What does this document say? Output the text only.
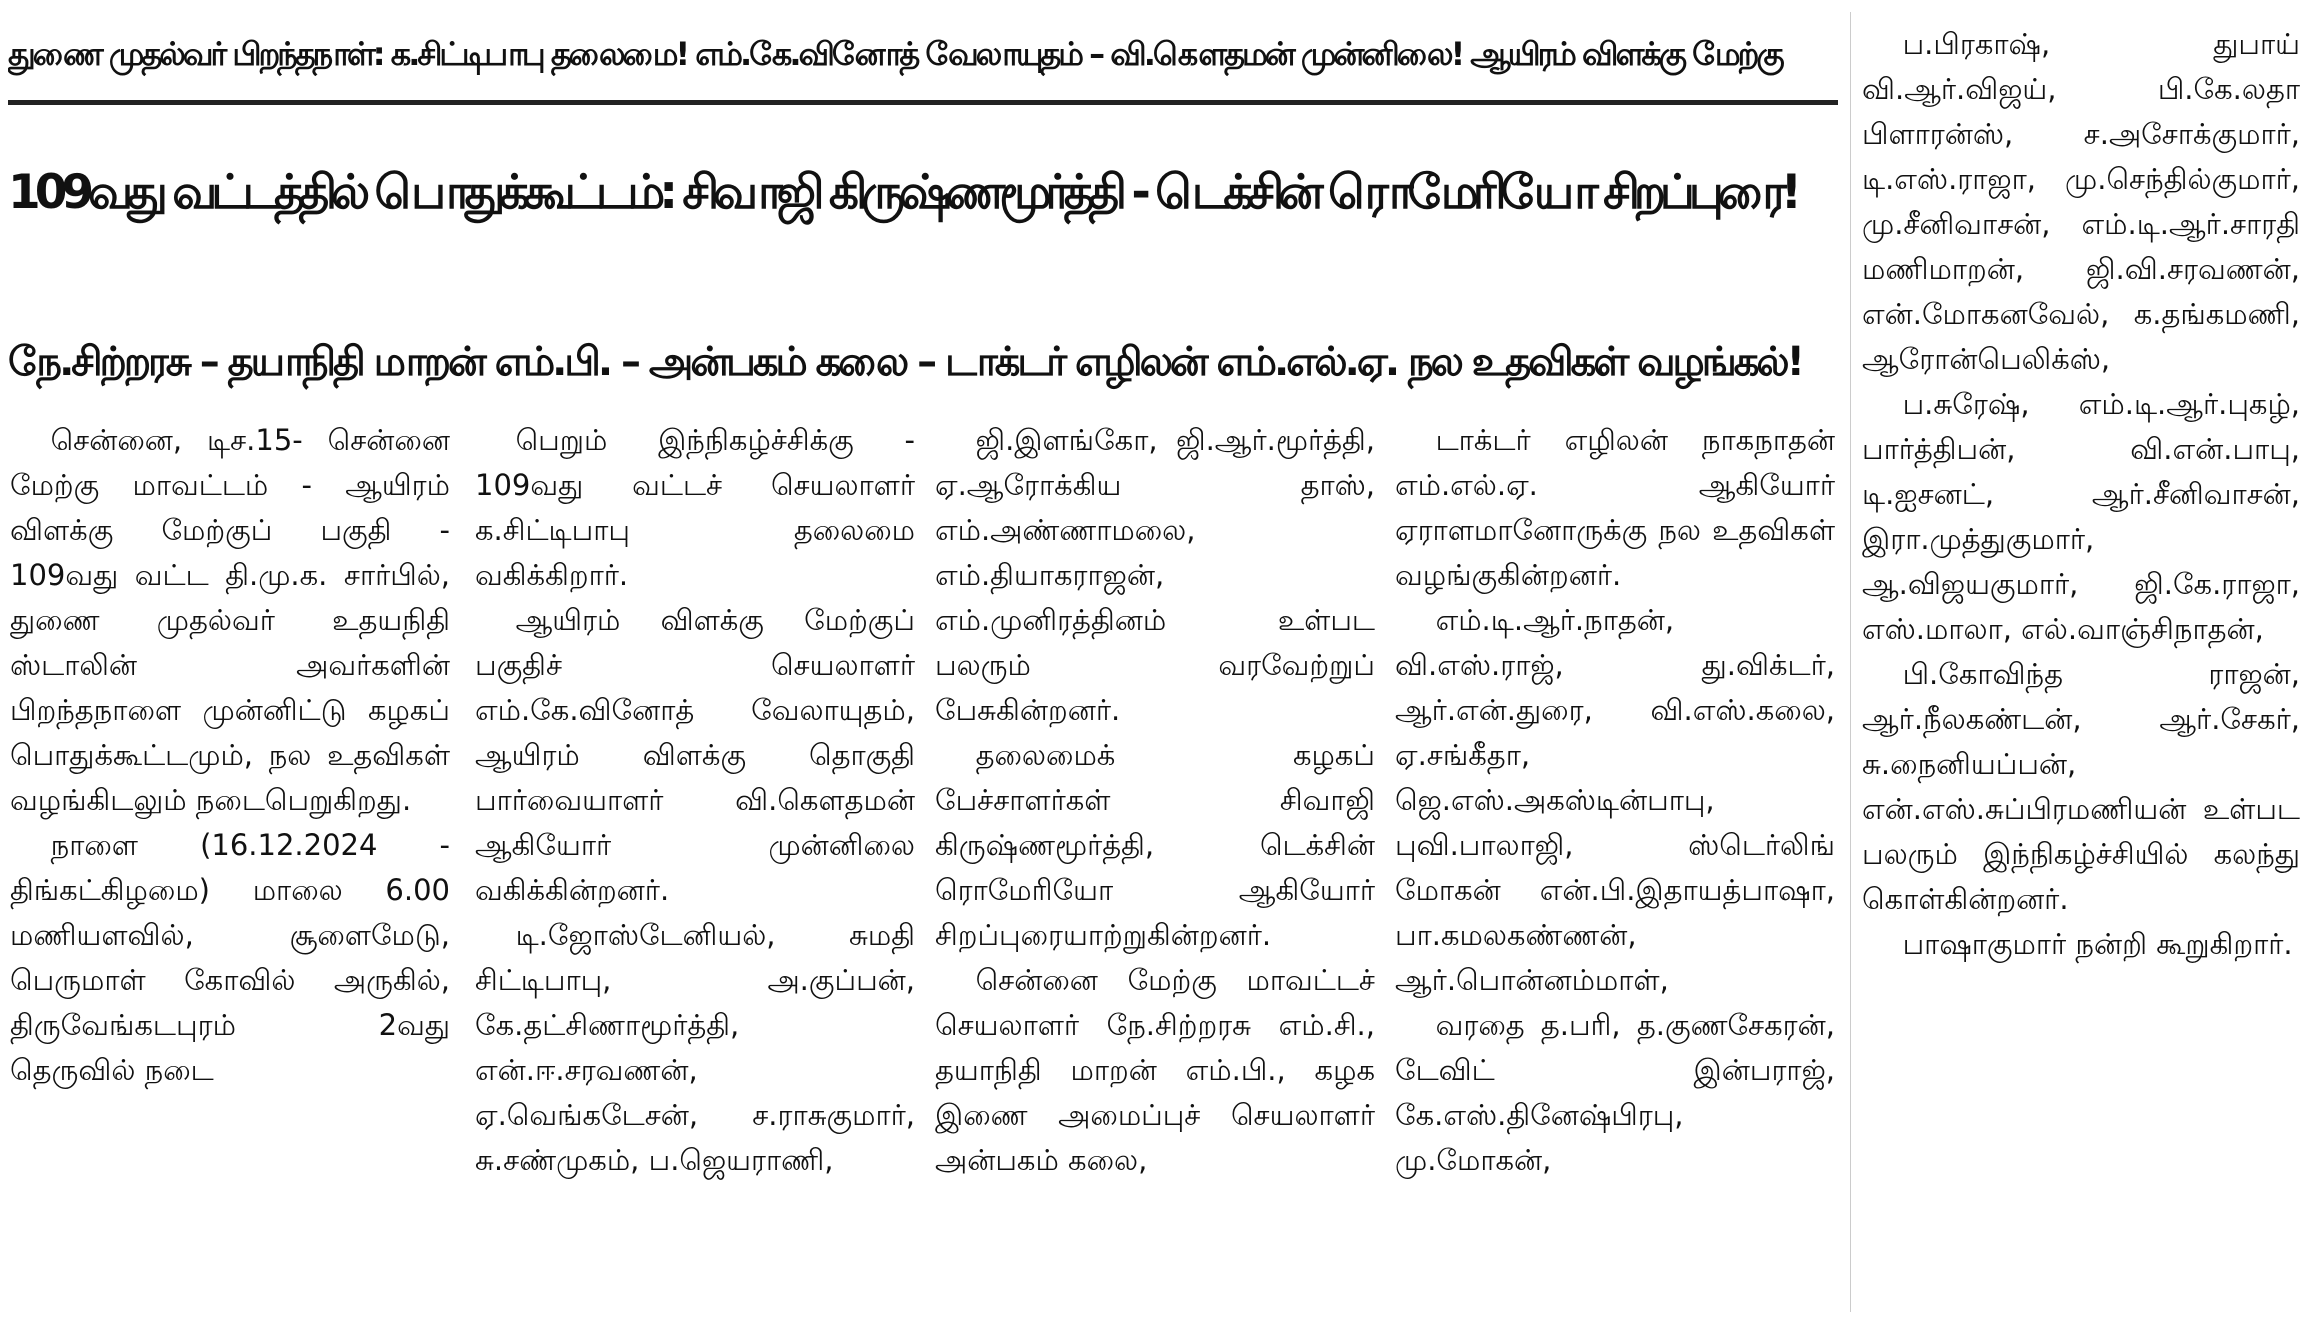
துணை முதல்வர் பிறந்தநாள்: க.சிட்டிபாபு தலைமை! எம்.கே.வினோத் வேலாயுதம் – வி.கௌதமன் முன்னிலை! ஆயிரம் விளக்கு மேற்கு
109வது வட்டத்தில் பொதுக்கூட்டம்: சிவாஜி கிருஷ்ணமூர்த்தி - டெக்சின் ரொமேரியோ சிறப்புரை!
நே.சிற்றரசு – தயாநிதி மாறன் எம்.பி. – அன்பகம் கலை – டாக்டர் எழிலன் எம்.எல்.ஏ. நல உதவிகள் வழங்கல்!

சென்னை, டிச.15- சென்னை மேற்கு மாவட்டம் - ஆயிரம் விளக்கு மேற்குப் பகுதி - 109வது வட்ட தி.மு.க. சார்பில், துணை முதல்வர் உதயநிதி ஸ்டாலின் அவர்களின் பிறந்தநாளை முன்னிட்டு கழகப் பொதுக்கூட்டமும், நல உதவிகள் வழங்கிடலும் நடைபெறுகிறது.

நாளை (16.12.2024 - திங்கட்கிழமை) மாலை 6.00 மணியளவில், சூளைமேடு, பெருமாள் கோவில் அருகில், திருவேங்கடபுரம் 2வது தெருவில் நடை

பெறும் இந்நிகழ்ச்சிக்கு - 109வது வட்டச் செயலாளர் க.சிட்டிபாபு தலைமை வகிக்கிறார்.

ஆயிரம் விளக்கு மேற்குப் பகுதிச் செயலாளர் எம்.கே.வினோத் வேலாயுதம், ஆயிரம் விளக்கு தொகுதி பார்வையாளர் வி.கௌதமன் ஆகியோர் முன்னிலை வகிக்கின்றனர்.

டி.ஜோஸ்டேனியல், சுமதி சிட்டிபாபு, அ.குப்பன், கே.தட்சிணாமூர்த்தி, என்.ஈ.சரவணன், ஏ.வெங்கடேசன், ச.ராசுகுமார், சு.சண்முகம், ப.ஜெயராணி,

ஜி.இளங்கோ, ஜி.ஆர்.மூர்த்தி, ஏ.ஆரோக்கிய தாஸ், எம்.அண்ணாமலை, எம்.தியாகராஜன், எம்.முனிரத்தினம் உள்பட பலரும் வரவேற்றுப் பேசுகின்றனர்.

தலைமைக் கழகப் பேச்சாளர்கள் சிவாஜி கிருஷ்ணமூர்த்தி, டெக்சின் ரொமேரியோ ஆகியோர் சிறப்புரையாற்றுகின்றனர்.

சென்னை மேற்கு மாவட்டச் செயலாளர் நே.சிற்றரசு எம்.சி., தயாநிதி மாறன் எம்.பி., கழக இணை அமைப்புச் செயலாளர் அன்பகம் கலை,

டாக்டர் எழிலன் நாகநாதன் எம்.எல்.ஏ. ஆகியோர் ஏராளமானோருக்கு நல உதவிகள் வழங்குகின்றனர்.

எம்.டி.ஆர்.நாதன், வி.எஸ்.ராஜ், து.விக்டர், ஆர்.என்.துரை, வி.எஸ்.கலை, ஏ.சங்கீதா, ஜெ.எஸ்.அகஸ்டின்பாபு, புவி.பாலாஜி, ஸ்டெர்லிங் மோகன் என்.பி.இதாயத்பாஷா, பா.கமலகண்ணன், ஆர்.பொன்னம்மாள்,

வரதை த.பரி, த.குணசேகரன், டேவிட் இன்பராஜ், கே.எஸ்.தினேஷ்பிரபு, மு.மோகன்,

ப.பிரகாஷ், துபாய் வி.ஆர்.விஜய், பி.கே.லதா பிளாரன்ஸ், ச.அசோக்குமார், டி.எஸ்.ராஜா, மு.செந்தில்குமார், மு.சீனிவாசன், எம்.டி.ஆர்.சாரதி மணிமாறன், ஜி.வி.சரவணன், என்.மோகனவேல், க.தங்கமணி, ஆரோன்பெலிக்ஸ்,

ப.சுரேஷ், எம்.டி.ஆர்.புகழ், பார்த்திபன், வி.என்.பாபு, டி.ஐசனட், ஆர்.சீனிவாசன், இரா.முத்துகுமார், ஆ.விஜயகுமார், ஜி.கே.ராஜா, எஸ்.மாலா, எல்.வாஞ்சிநாதன்,

பி.கோவிந்த ராஜன், ஆர்.நீலகண்டன், ஆர்.சேகர், சு.நைனியப்பன், என்.எஸ்.சுப்பிரமணியன் உள்பட பலரும் இந்நிகழ்ச்சியில் கலந்து கொள்கின்றனர்.

பாஷாகுமார் நன்றி கூறுகிறார்.
